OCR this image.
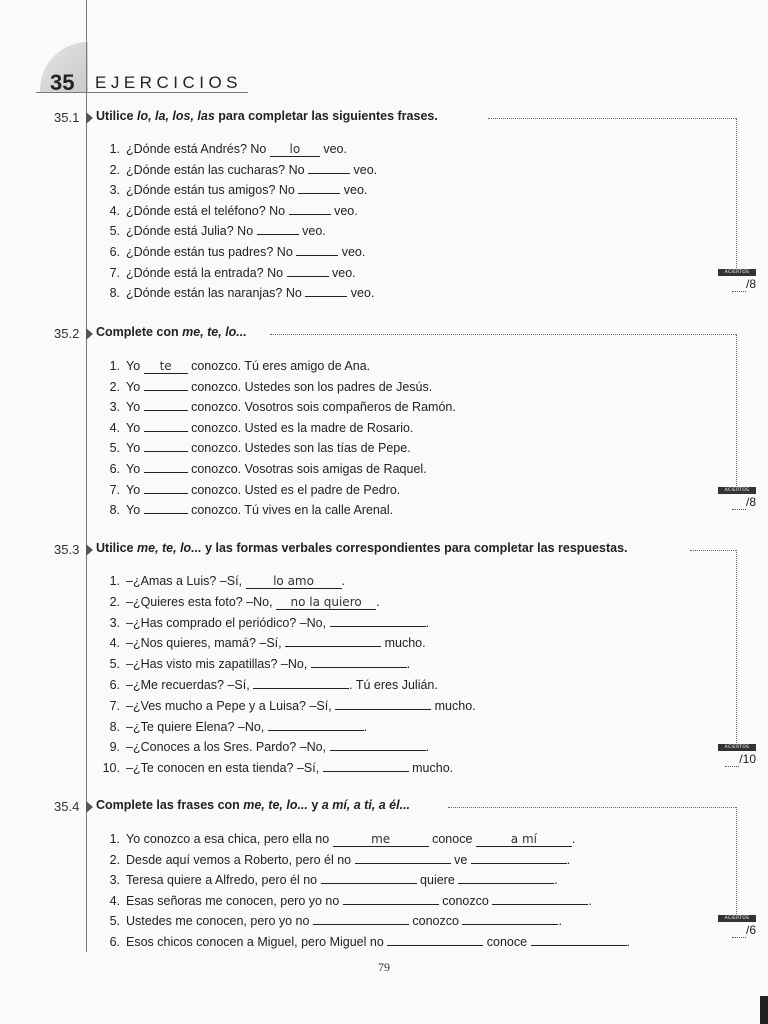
35 EJERCICIOS
35.1 Utilice lo, la, los, las para completar las siguientes frases.
1. ¿Dónde está Andrés? No lo veo.
2. ¿Dónde están las cucharas? No	veo.
3. ¿Dónde están tus amigos? No	veo.
4. ¿Dónde está el teléfono? No	veo.
5. ¿Dónde está Julia? No	veo.
6. ¿Dónde están tus padres? No	veo.
7. ¿Dónde está la entrada? No	veo.
8. ¿Dónde están las naranjas? No	veo.
ACIERTOS
 /8
35.2 Complete con me, te, lo...
1. Yo te conozco. Tú eres amigo de Ana.
2. Yo	conozco. Ustedes son los padres de Jesús.
3. Yo	conozco. Vosotros sois compañeros de Ramón.
4. Yo	conozco. Usted es la madre de Rosario.
5. Yo	conozco. Ustedes son las tías de Pepe.
6. Yo	conozco. Vosotras sois amigas de Raquel.
7. Yo	conozco. Usted es el padre de Pedro.
8. Yo	conozco. Tú vives en la calle Arenal.
ACIERTOS
 /8
35.3 Utilice me, te, lo... y las formas verbales correspondientes para completar las respuestas.
1. –¿Amas a Luis? –Sí, lo amo .
2. –¿Quieres esta foto? –No, no la quiero .
3. –¿Has comprado el periódico? –No,	.
4. –¿Nos quieres, mamá? –Sí,	mucho.
5. –¿Has visto mis zapatillas? –No,	.
6. –¿Me recuerdas? –Sí,	. Tú eres Julián.
7. –¿Ves mucho a Pepe y a Luisa? –Sí,	mucho.
8. –¿Te quiere Elena? –No,	.
9. –¿Conoces a los Sres. Pardo? –No,	.
10. –¿Te conocen en esta tienda? –Sí,	mucho.
ACIERTOS
 /10
35.4 Complete las frases con me, te, lo... y a mí, a ti, a él...
1. Yo conozco a esa chica, pero ella no	me	conoce	a mí	.
2. Desde aquí vemos a Roberto, pero él no	ve	.
3. Teresa quiere a Alfredo, pero él no	quiere	.
4. Esas señoras me conocen, pero yo no	conozco	.
5. Ustedes me conocen, pero yo no	conozco	.
6. Esos chicos conocen a Miguel, pero Miguel no	conoce	.
ACIERTOS
 /6
79
